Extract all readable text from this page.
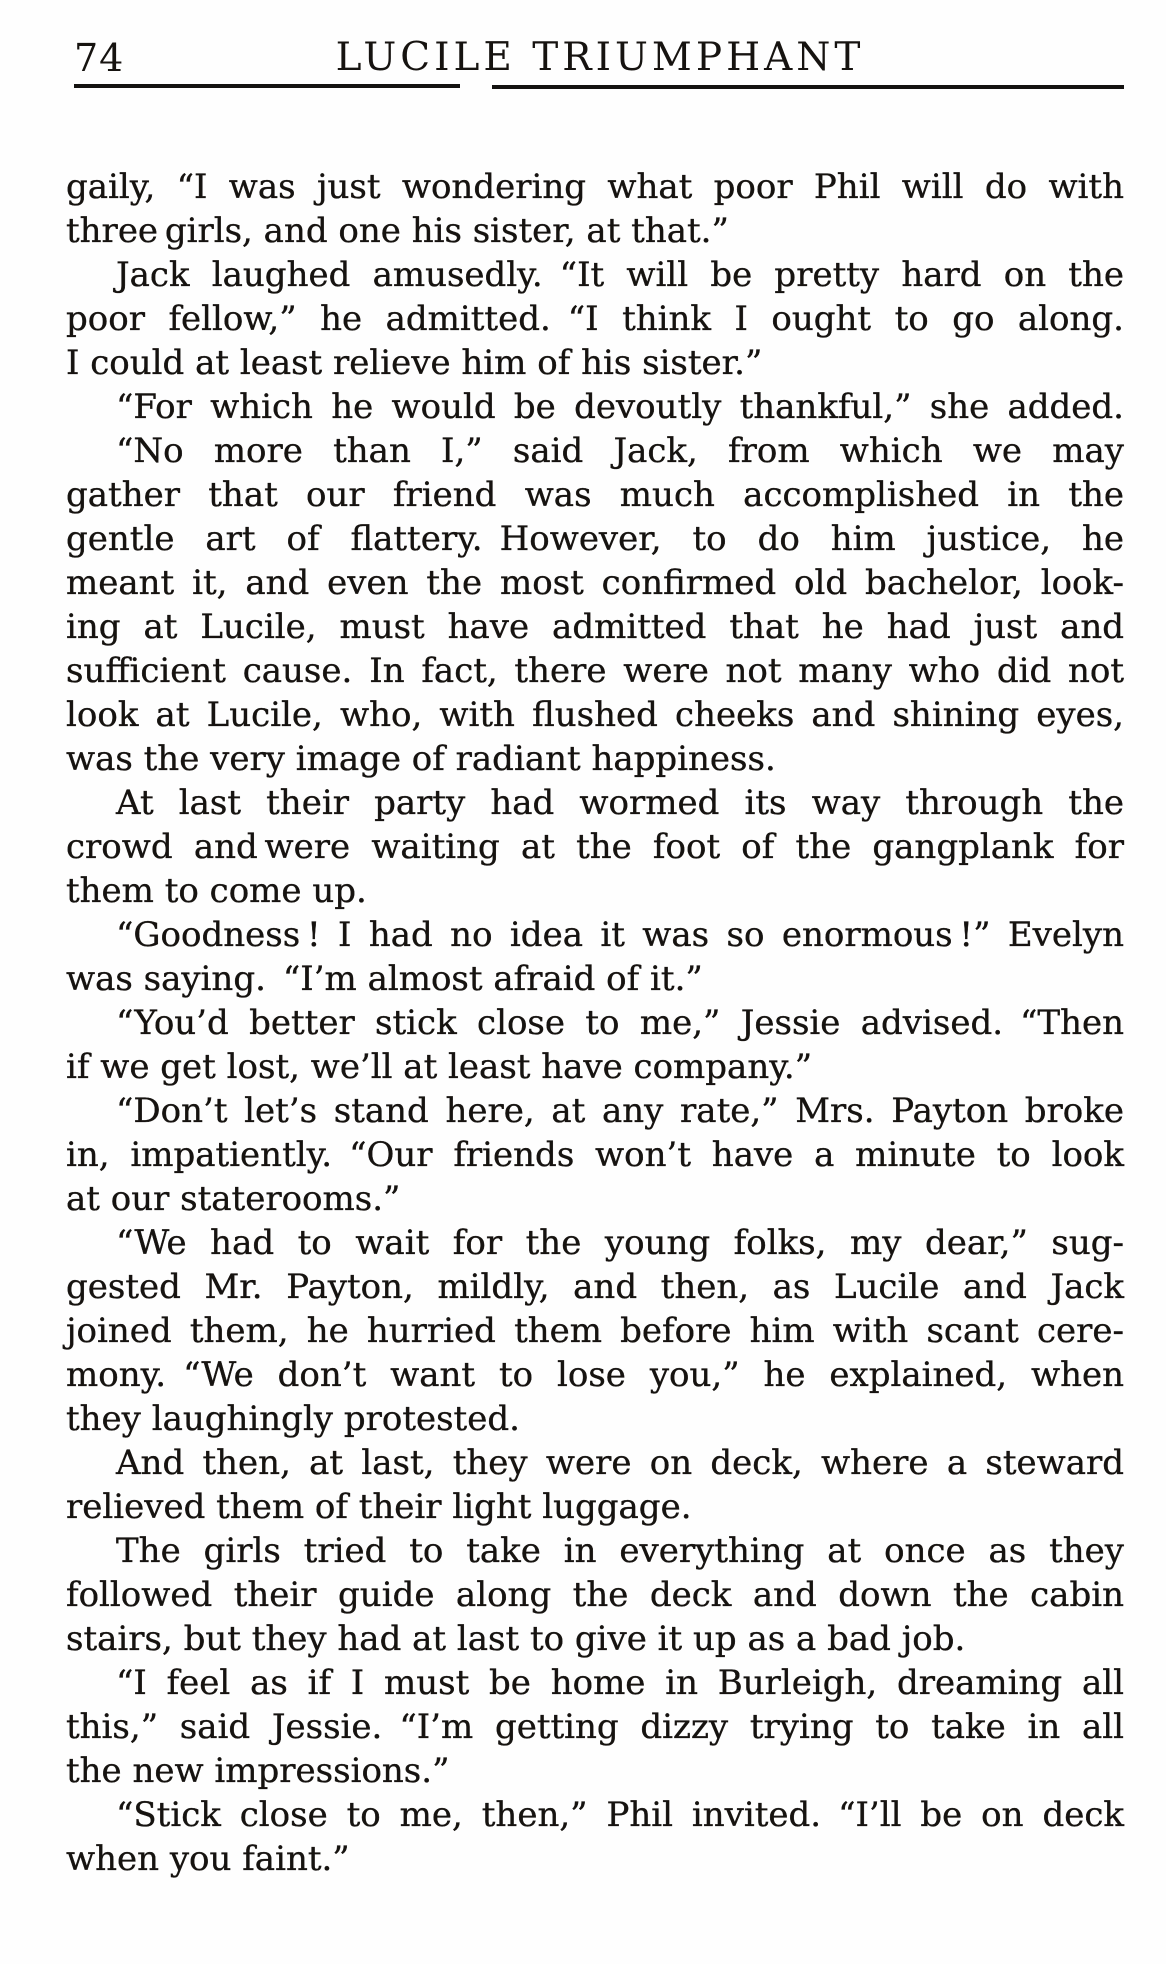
74	LUCILE TRIUMPHANT
gaily, “I was just wondering what poor Phil will do with
three girls, and one his sister, at that.”
Jack laughed amusedly. “It will be pretty hard on the
poor fellow,” he admitted. “I think I ought to go along.
I could at least relieve him of his sister.”
“For which he would be devoutly thankful,” she added.
“No more than I,” said Jack, from which we may
gather that our friend was much accomplished in the
gentle art of flattery. However, to do him justice, he
meant it, and even the most confirmed old bachelor, look-
ing at Lucile, must have admitted that he had just and
sufficient cause. In fact, there were not many who did not
look at Lucile, who, with flushed cheeks and shining eyes,
was the very image of radiant happiness.
At last their party had wormed its way through the
crowd and were waiting at the foot of the gangplank for
them to come up.
“Goodness ! I had no idea it was so enormous !” Evelyn
was saying. “I’m almost afraid of it.”
“You’d better stick close to me,” Jessie advised. “Then
if we get lost, we’ll at least have company.”
“Don’t let’s stand here, at any rate,” Mrs. Payton broke
in, impatiently. “Our friends won’t have a minute to look
at our staterooms.”
“We had to wait for the young folks, my dear,” sug-
gested Mr. Payton, mildly, and then, as Lucile and Jack
joined them, he hurried them before him with scant cere-
mony. “We don’t want to lose you,” he explained, when
they laughingly protested.
And then, at last, they were on deck, where a steward
relieved them of their light luggage.
The girls tried to take in everything at once as they
followed their guide along the deck and down the cabin
stairs, but they had at last to give it up as a bad job.
“I feel as if I must be home in Burleigh, dreaming all
this,” said Jessie. “I’m getting dizzy trying to take in all
the new impressions.”
“Stick close to me, then,” Phil invited. “I’ll be on deck
when you faint.”
